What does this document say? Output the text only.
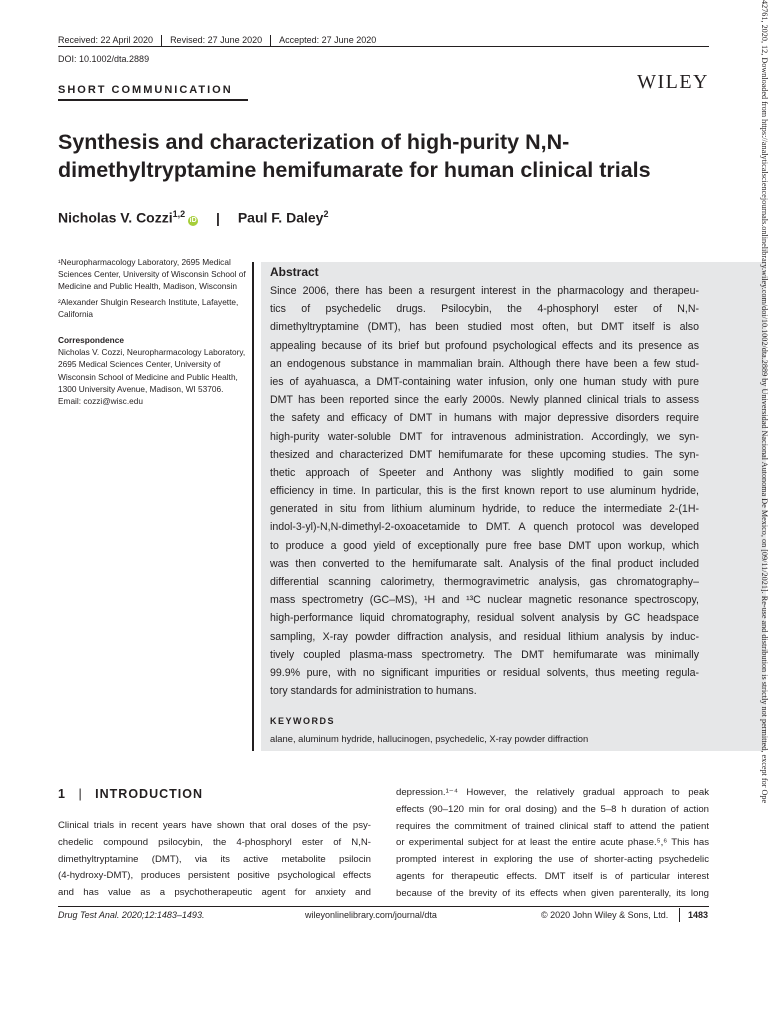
Received: 22 April 2020 Revised: 27 June 2020 Accepted: 27 June 2020
DOI: 10.1002/dta.2889
SHORT COMMUNICATION	WILEY
Synthesis and characterization of high-purity N,N-
dimethyltryptamine hemifumarate for human clinical trials
Nicholas V. Cozzi$^{1,2}$iD | Paul F. Daley$^2$

¹Neuropharmacology Laboratory, 2695 Medical Sciences Center, University of Wisconsin School of Medicine and Public Health, Madison, Wisconsin

²Alexander Shulgin Research Institute, Lafayette, California

Correspondence

Nicholas V. Cozzi, Neuropharmacology Laboratory, 2695 Medical Sciences Center, University of Wisconsin School of Medicine and Public Health, 1300 University Avenue, Madison, WI 53706.

Email: cozzi@wisc.edu

Abstract
Since 2006, there has been a resurgent interest in the pharmacology and therapeu-
tics of psychedelic drugs. Psilocybin, the 4-phosphoryl ester of N,N-
dimethyltryptamine (DMT), has been studied most often, but DMT itself is also
appealing because of its brief but profound psychological effects and its presence as
an endogenous substance in mammalian brain. Although there have been a few stud-
ies of ayahuasca, a DMT-containing water infusion, only one human study with pure
DMT has been reported since the early 2000s. Newly planned clinical trials to assess
the safety and efficacy of DMT in humans with major depressive disorders require
high-purity water-soluble DMT for intravenous administration. Accordingly, we syn-
thesized and characterized DMT hemifumarate for these upcoming studies. The syn-
thetic approach of Speeter and Anthony was slightly modified to gain some
efficiency in time. In particular, this is the first known report to use aluminum hydride,
generated in situ from lithium aluminum hydride, to reduce the intermediate 2-(1H-
indol-3-yl)-N,N-dimethyl-2-oxoacetamide to DMT. A quench protocol was developed
to produce a good yield of exceptionally pure free base DMT upon workup, which
was then converted to the hemifumarate salt. Analysis of the final product included
differential scanning calorimetry, thermogravimetric analysis, gas chromatography–
mass spectrometry (GC–MS), ¹H and ¹³C nuclear magnetic resonance spectroscopy,
high-performance liquid chromatography, residual solvent analysis by GC headspace
sampling, X-ray powder diffraction analysis, and residual lithium analysis by induc-
tively coupled plasma-mass spectrometry. The DMT hemifumarate was minimally
99.9% pure, with no significant impurities or residual solvents, thus meeting regula-
tory standards for administration to humans.
KEYWORDS
alane, aluminum hydride, hallucinogen, psychedelic, X-ray powder diffraction
1 | INTRODUCTION
Clinical trials in recent years have shown that oral doses of the psy-
chedelic compound psilocybin, the 4-phosphoryl ester of N,N-
dimethyltryptamine (DMT), via its active metabolite psilocin
(4-hydroxy-DMT), produces persistent positive psychological effects
and has value as a psychotherapeutic agent for anxiety and
depression.¹⁻⁴ However, the relatively gradual approach to peak
effects (90–120 min for oral dosing) and the 5–8 h duration of action
requires the commitment of trained clinical staff to attend the patient
or experimental subject for at least the entire acute phase.⁵,⁶ This has
prompted interest in exploring the use of shorter-acting psychedelic
agents for therapeutic effects. DMT itself is of particular interest
because of the brevity of its effects when given parenterally, its long
Drug Test Anal. 2020;12:1483–1493.	wileyonlinelibrary.com/journal/dta	© 2020 John Wiley & Sons, Ltd. 1483
42761, 2020, 12, Downloaded from https://analyticalsciencejournals.onlinelibrary.wiley.com/doi/10.1002/dta.2889 by Universidad Nacional Autonoma De Mexico, on [09/11/2021]. Re-use and distribution is strictly not permitted, except for Ope
